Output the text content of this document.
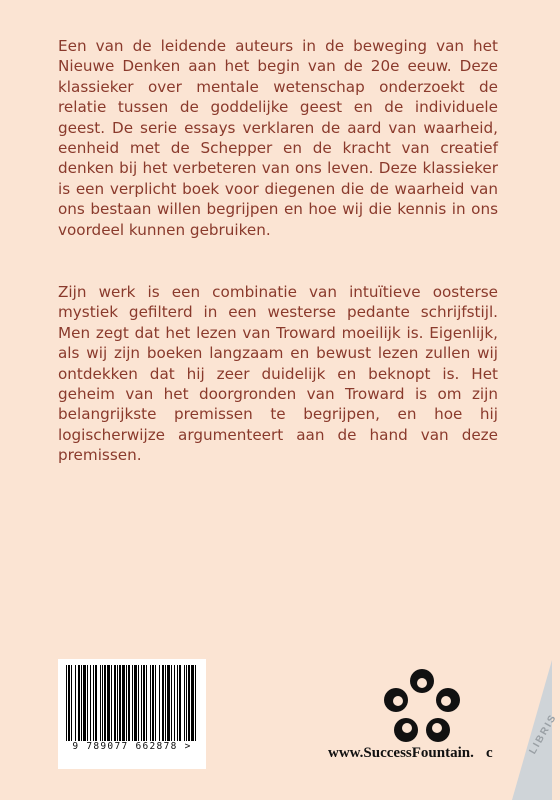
Een van de leidende auteurs in de beweging van het Nieuwe Denken aan het begin van de 20e eeuw. Deze klassieker over mentale wetenschap onderzoekt de relatie tussen de goddelijke geest en de individuele geest. De serie essays verklaren de aard van waarheid, eenheid met de Schepper en de kracht van creatief denken bij het verbeteren van ons leven. Deze klassieker is een verplicht boek voor diegenen die de waarheid van ons bestaan willen begrijpen en hoe wij die kennis in ons voordeel kunnen gebruiken.

Zijn werk is een combinatie van intuïtieve oosterse mystiek gefilterd in een westerse pedante schrijfstijl. Men zegt dat het lezen van Troward moeilijk is. Eigenlijk, als wij zijn boeken langzaam en bewust lezen zullen wij ontdekken dat hij zeer duidelijk en beknopt is. Het geheim van het doorgronden van Troward is om zijn belangrijkste premissen te begrijpen, en hoe hij logischerwijze argumenteert aan de hand van deze premissen.

9 789077 662878 >	www.SuccessFountain.	LIBRIS
c
